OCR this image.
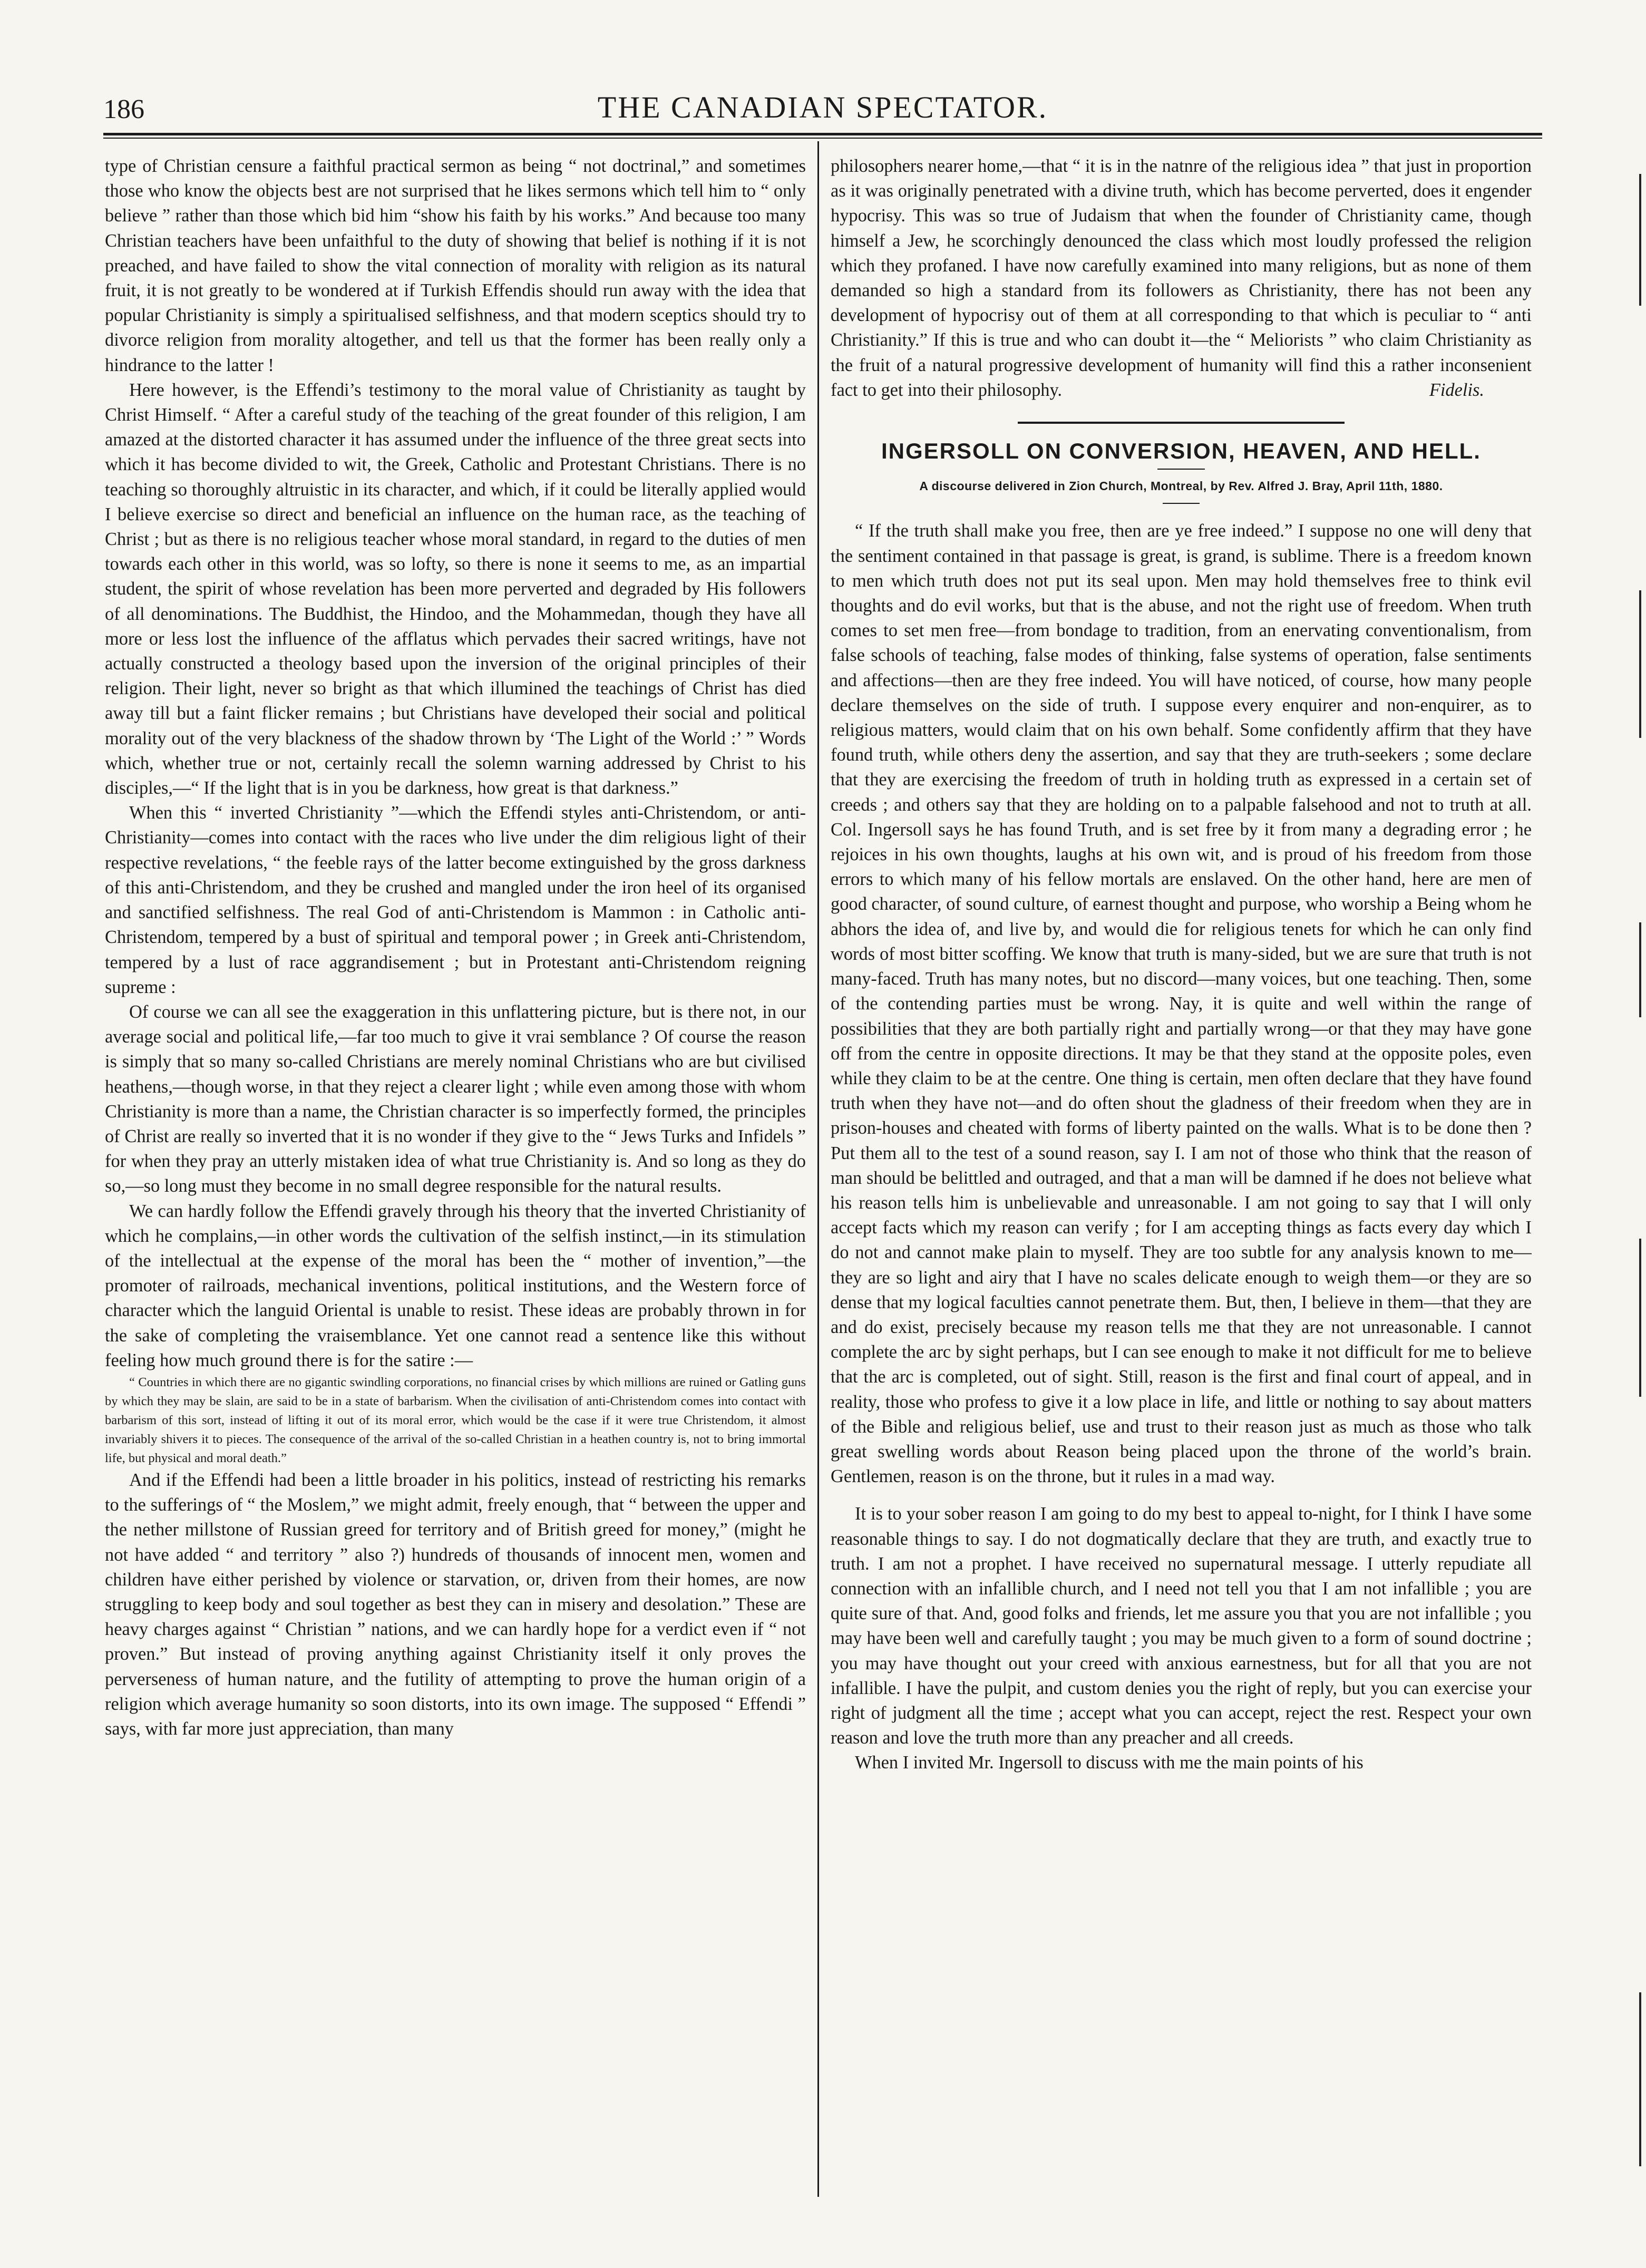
186	THE CANADIAN SPECTATOR.

type of Christian censure a faithful practical sermon as being “ not doctrinal,” and sometimes those who know the objects best are not surprised that he likes sermons which tell him to “ only believe ” rather than those which bid him “show his faith by his works.” And because too many Christian teachers have been unfaithful to the duty of showing that belief is nothing if it is not preached, and have failed to show the vital connection of morality with religion as its natural fruit, it is not greatly to be wondered at if Turkish Effendis should run away with the idea that popular Christianity is simply a spiritualised selfishness, and that modern sceptics should try to divorce religion from morality altogether, and tell us that the former has been really only a hindrance to the latter !

Here however, is the Effendi’s testimony to the moral value of Christianity as taught by Christ Himself. “ After a careful study of the teaching of the great founder of this religion, I am amazed at the distorted character it has assumed under the influence of the three great sects into which it has become divided to wit, the Greek, Catholic and Protestant Christians. There is no teaching so thoroughly altruistic in its character, and which, if it could be literally applied would I believe exercise so direct and beneficial an influence on the human race, as the teaching of Christ ; but as there is no religious teacher whose moral standard, in regard to the duties of men towards each other in this world, was so lofty, so there is none it seems to me, as an impartial student, the spirit of whose revelation has been more perverted and degraded by His followers of all denominations. The Buddhist, the Hindoo, and the Mohammedan, though they have all more or less lost the influence of the afflatus which pervades their sacred writings, have not actually constructed a theology based upon the inversion of the original principles of their religion. Their light, never so bright as that which illumined the teachings of Christ has died away till but a faint flicker remains ; but Christians have developed their social and political morality out of the very blackness of the shadow thrown by ‘The Light of the World :’ ” Words which, whether true or not, certainly recall the solemn warning addressed by Christ to his disciples,—“ If the light that is in you be darkness, how great is that darkness.”

When this “ inverted Christianity ”—which the Effendi styles anti-Christendom, or anti-Christianity—comes into contact with the races who live under the dim religious light of their respective revelations, “ the feeble rays of the latter become extinguished by the gross darkness of this anti-Christendom, and they be crushed and mangled under the iron heel of its organised and sanctified selfishness. The real God of anti-Christendom is Mammon : in Catholic anti-Christendom, tempered by a bust of spiritual and temporal power ; in Greek anti-Christendom, tempered by a lust of race aggrandisement ; but in Protestant anti-Christendom reigning supreme :

Of course we can all see the exaggeration in this unflattering picture, but is there not, in our average social and political life,—far too much to give it vrai semblance ? Of course the reason is simply that so many so-called Christians are merely nominal Christians who are but civilised heathens,—though worse, in that they reject a clearer light ; while even among those with whom Christianity is more than a name, the Christian character is so imperfectly formed, the principles of Christ are really so inverted that it is no wonder if they give to the “ Jews Turks and Infidels ” for when they pray an utterly mistaken idea of what true Christianity is. And so long as they do so,—so long must they become in no small degree responsible for the natural results.

We can hardly follow the Effendi gravely through his theory that the inverted Christianity of which he complains,—in other words the cultivation of the selfish instinct,—in its stimulation of the intellectual at the expense of the moral has been the “ mother of invention,”—the promoter of railroads, mechanical inventions, political institutions, and the Western force of character which the languid Oriental is unable to resist. These ideas are probably thrown in for the sake of completing the vraisemblance. Yet one cannot read a sentence like this without feeling how much ground there is for the satire :—

“ Countries in which there are no gigantic swindling corporations, no financial crises by which millions are ruined or Gatling guns by which they may be slain, are said to be in a state of barbarism. When the civilisation of anti-Christendom comes into contact with barbarism of this sort, instead of lifting it out of its moral error, which would be the case if it were true Christendom, it almost invariably shivers it to pieces. The consequence of the arrival of the so-called Christian in a heathen country is, not to bring immortal life, but physical and moral death.”

And if the Effendi had been a little broader in his politics, instead of restricting his remarks to the sufferings of “ the Moslem,” we might admit, freely enough, that “ between the upper and the nether millstone of Russian greed for territory and of British greed for money,” (might he not have added “ and territory ” also ?) hundreds of thousands of innocent men, women and children have either perished by violence or starvation, or, driven from their homes, are now struggling to keep body and soul together as best they can in misery and desolation.” These are heavy charges against “ Christian ” nations, and we can hardly hope for a verdict even if “ not proven.” But instead of proving anything against Christianity itself it only proves the perverseness of human nature, and the futility of attempting to prove the human origin of a religion which average humanity so soon distorts, into its own image. The supposed “ Effendi ” says, with far more just appreciation, than many

philosophers nearer home,—that “ it is in the natnre of the religious idea ” that just in proportion as it was originally penetrated with a divine truth, which has become perverted, does it engender hypocrisy. This was so true of Judaism that when the founder of Christianity came, though himself a Jew, he scorchingly denounced the class which most loudly professed the religion which they profaned. I have now carefully examined into many religions, but as none of them demanded so high a standard from its followers as Christianity, there has not been any development of hypocrisy out of them at all corresponding to that which is peculiar to “ anti Christianity.” If this is true and who can doubt it—the “ Meliorists ” who claim Christianity as the fruit of a natural progressive development of humanity will find this a rather inconsenient fact to get into their philosophy.	Fidelis.
INGERSOLL ON CONVERSION, HEAVEN, AND HELL.
A discourse delivered in Zion Church, Montreal, by Rev. Alfred J. Bray, April 11th, 1880.

“ If the truth shall make you free, then are ye free indeed.” I suppose no one will deny that the sentiment contained in that passage is great, is grand, is sublime. There is a freedom known to men which truth does not put its seal upon. Men may hold themselves free to think evil thoughts and do evil works, but that is the abuse, and not the right use of freedom. When truth comes to set men free—from bondage to tradition, from an enervating conventionalism, from false schools of teaching, false modes of thinking, false systems of operation, false sentiments and affections—then are they free indeed. You will have noticed, of course, how many people declare themselves on the side of truth. I suppose every enquirer and non-enquirer, as to religious matters, would claim that on his own behalf. Some confidently affirm that they have found truth, while others deny the assertion, and say that they are truth-seekers ; some declare that they are exercising the freedom of truth in holding truth as expressed in a certain set of creeds ; and others say that they are holding on to a palpable falsehood and not to truth at all. Col. Ingersoll says he has found Truth, and is set free by it from many a degrading error ; he rejoices in his own thoughts, laughs at his own wit, and is proud of his freedom from those errors to which many of his fellow mortals are enslaved. On the other hand, here are men of good character, of sound culture, of earnest thought and purpose, who worship a Being whom he abhors the idea of, and live by, and would die for religious tenets for which he can only find words of most bitter scoffing. We know that truth is many-sided, but we are sure that truth is not many-faced. Truth has many notes, but no discord—many voices, but one teaching. Then, some of the contending parties must be wrong. Nay, it is quite and well within the range of possibilities that they are both partially right and partially wrong—or that they may have gone off from the centre in opposite directions. It may be that they stand at the opposite poles, even while they claim to be at the centre. One thing is certain, men often declare that they have found truth when they have not—and do often shout the gladness of their freedom when they are in prison-houses and cheated with forms of liberty painted on the walls. What is to be done then ? Put them all to the test of a sound reason, say I. I am not of those who think that the reason of man should be belittled and outraged, and that a man will be damned if he does not believe what his reason tells him is unbelievable and unreasonable. I am not going to say that I will only accept facts which my reason can verify ; for I am accepting things as facts every day which I do not and cannot make plain to myself. They are too subtle for any analysis known to me—they are so light and airy that I have no scales delicate enough to weigh them—or they are so dense that my logical faculties cannot penetrate them. But, then, I believe in them—that they are and do exist, precisely because my reason tells me that they are not unreasonable. I cannot complete the arc by sight perhaps, but I can see enough to make it not difficult for me to believe that the arc is completed, out of sight. Still, reason is the first and final court of appeal, and in reality, those who profess to give it a low place in life, and little or nothing to say about matters of the Bible and religious belief, use and trust to their reason just as much as those who talk great swelling words about Reason being placed upon the throne of the world’s brain. Gentlemen, reason is on the throne, but it rules in a mad way.

It is to your sober reason I am going to do my best to appeal to-night, for I think I have some reasonable things to say. I do not dogmatically declare that they are truth, and exactly true to truth. I am not a prophet. I have received no supernatural message. I utterly repudiate all connection with an infallible church, and I need not tell you that I am not infallible ; you are quite sure of that. And, good folks and friends, let me assure you that you are not infallible ; you may have been well and carefully taught ; you may be much given to a form of sound doctrine ; you may have thought out your creed with anxious earnestness, but for all that you are not infallible. I have the pulpit, and custom denies you the right of reply, but you can exercise your right of judgment all the time ; accept what you can accept, reject the rest. Respect your own reason and love the truth more than any preacher and all creeds.

When I invited Mr. Ingersoll to discuss with me the main points of his
